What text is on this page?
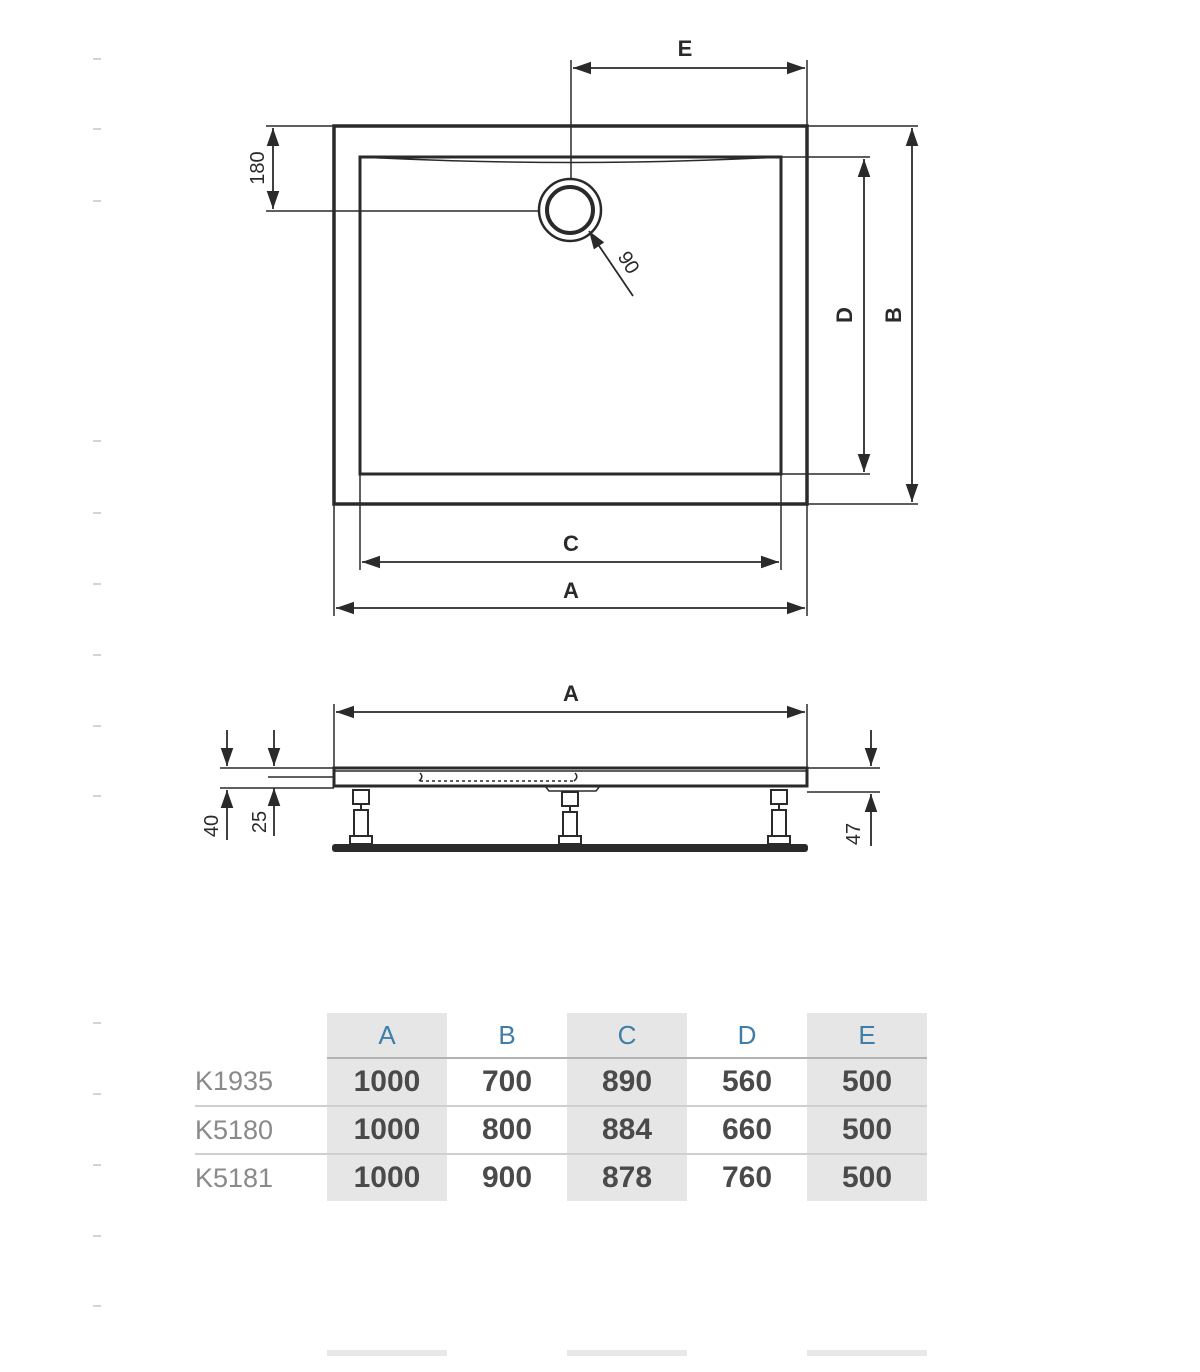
E
180
90
D B
C
A
A
40 25
47
	A	B	C	D	E
K1935	1000	700	890	560	500
K5180	1000	800	884	660	500
K5181	1000	900	878	760	500
